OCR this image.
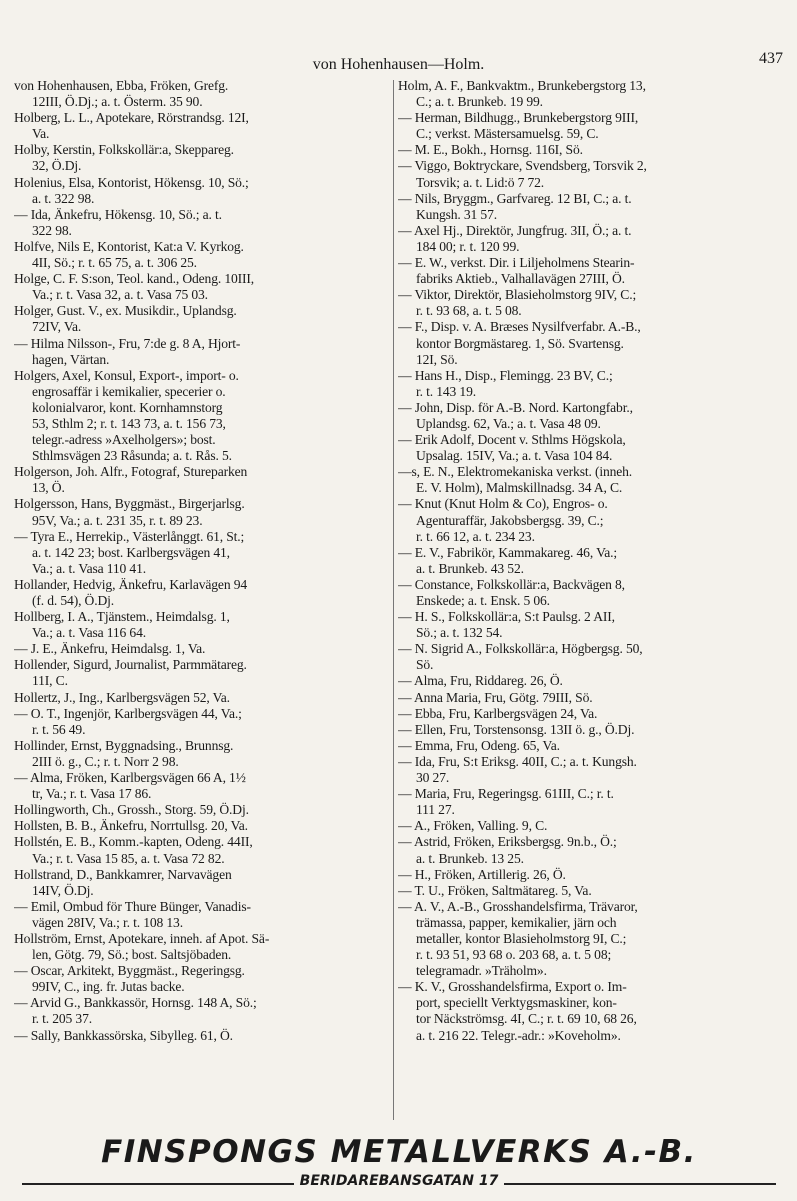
von Hohenhausen—Holm.	437

von Hohenhausen, Ebba, Fröken, Grefg.

12III, Ö.Dj.; a. t. Österm. 35 90.

Holberg, L. L., Apotekare, Rörstrandsg. 12I,

Va.

Holby, Kerstin, Folkskollär:a, Skeppareg.

32, Ö.Dj.

Holenius, Elsa, Kontorist, Hökensg. 10, Sö.;

a. t. 322 98.

— Ida, Änkefru, Hökensg. 10, Sö.; a. t.

322 98.

Holfve, Nils E, Kontorist, Kat:a V. Kyrkog.

4II, Sö.; r. t. 65 75, a. t. 306 25.

Holge, C. F. S:son, Teol. kand., Odeng. 10III,

Va.; r. t. Vasa 32, a. t. Vasa 75 03.

Holger, Gust. V., ex. Musikdir., Uplandsg.

72IV, Va.

— Hilma Nilsson-, Fru, 7:de g. 8 A, Hjort-

hagen, Värtan.

Holgers, Axel, Konsul, Export-, import- o.

engrosaffär i kemikalier, specerier o.

kolonialvaror, kont. Kornhamnstorg

53, Sthlm 2; r. t. 143 73, a. t. 156 73,

telegr.-adress »Axelholgers»; bost.

Sthlmsvägen 23 Råsunda; a. t. Rås. 5.

Holgerson, Joh. Alfr., Fotograf, Stureparken

13, Ö.

Holgersson, Hans, Byggmäst., Birgerjarlsg.

95V, Va.; a. t. 231 35, r. t. 89 23.

— Tyra E., Herrekip., Västerlånggt. 61, St.;

a. t. 142 23; bost. Karlbergsvägen 41,

Va.; a. t. Vasa 110 41.

Hollander, Hedvig, Änkefru, Karlavägen 94

(f. d. 54), Ö.Dj.

Hollberg, I. A., Tjänstem., Heimdalsg. 1,

Va.; a. t. Vasa 116 64.

— J. E., Änkefru, Heimdalsg. 1, Va.

Hollender, Sigurd, Journalist, Parmmätareg.

11I, C.

Hollertz, J., Ing., Karlbergsvägen 52, Va.

— O. T., Ingenjör, Karlbergsvägen 44, Va.;

r. t. 56 49.

Hollinder, Ernst, Byggnadsing., Brunnsg.

2III ö. g., C.; r. t. Norr 2 98.

— Alma, Fröken, Karlbergsvägen 66 A, 1½

tr, Va.; r. t. Vasa 17 86.

Hollingworth, Ch., Grossh., Storg. 59, Ö.Dj.

Hollsten, B. B., Änkefru, Norrtullsg. 20, Va.

Hollstén, E. B., Komm.-kapten, Odeng. 44II,

Va.; r. t. Vasa 15 85, a. t. Vasa 72 82.

Hollstrand, D., Bankkamrer, Narvavägen

14IV, Ö.Dj.

— Emil, Ombud för Thure Bünger, Vanadis-

vägen 28IV, Va.; r. t. 108 13.

Hollström, Ernst, Apotekare, inneh. af Apot. Sä-

len, Götg. 79, Sö.; bost. Saltsjöbaden.

— Oscar, Arkitekt, Byggmäst., Regeringsg.

99IV, C., ing. fr. Jutas backe.

— Arvid G., Bankkassör, Hornsg. 148 A, Sö.;

r. t. 205 37.

— Sally, Bankkassörska, Sibylleg. 61, Ö.

Holm, A. F., Bankvaktm., Brunkebergstorg 13,

C.; a. t. Brunkeb. 19 99.

— Herman, Bildhugg., Brunkebergstorg 9III,

C.; verkst. Mästersamuelsg. 59, C.

— M. E., Bokh., Hornsg. 116I, Sö.

— Viggo, Boktryckare, Svendsberg, Torsvik 2,

Torsvik; a. t. Lid:ö 7 72.

— Nils, Bryggm., Garfvareg. 12 BI, C.; a. t.

Kungsh. 31 57.

— Axel Hj., Direktör, Jungfrug. 3II, Ö.; a. t.

184 00; r. t. 120 99.

— E. W., verkst. Dir. i Liljeholmens Stearin-

fabriks Aktieb., Valhallavägen 27III, Ö.

— Viktor, Direktör, Blasieholmstorg 9IV, C.;

r. t. 93 68, a. t. 5 08.

— F., Disp. v. A. Bræses Nysilfverfabr. A.-B.,

kontor Borgmästareg. 1, Sö. Svartensg.

12I, Sö.

— Hans H., Disp., Flemingg. 23 BV, C.;

r. t. 143 19.

— John, Disp. för A.-B. Nord. Kartongfabr.,

Uplandsg. 62, Va.; a. t. Vasa 48 09.

— Erik Adolf, Docent v. Sthlms Högskola,

Upsalag. 15IV, Va.; a. t. Vasa 104 84.

—s, E. N., Elektromekaniska verkst. (inneh.

E. V. Holm), Malmskillnadsg. 34 A, C.

— Knut (Knut Holm & Co), Engros- o.

Agenturaffär, Jakobsbergsg. 39, C.;

r. t. 66 12, a. t. 234 23.

— E. V., Fabrikör, Kammakareg. 46, Va.;

a. t. Brunkeb. 43 52.

— Constance, Folkskollär:a, Backvägen 8,

Enskede; a. t. Ensk. 5 06.

— H. S., Folkskollär:a, S:t Paulsg. 2 AII,

Sö.; a. t. 132 54.

— N. Sigrid A., Folkskollär:a, Högbergsg. 50,

Sö.

— Alma, Fru, Riddareg. 26, Ö.

— Anna Maria, Fru, Götg. 79III, Sö.

— Ebba, Fru, Karlbergsvägen 24, Va.

— Ellen, Fru, Torstensonsg. 13II ö. g., Ö.Dj.

— Emma, Fru, Odeng. 65, Va.

— Ida, Fru, S:t Eriksg. 40II, C.; a. t. Kungsh.

30 27.

— Maria, Fru, Regeringsg. 61III, C.; r. t.

111 27.

— A., Fröken, Valling. 9, C.

— Astrid, Fröken, Eriksbergsg. 9n.b., Ö.;

a. t. Brunkeb. 13 25.

— H., Fröken, Artillerig. 26, Ö.

— T. U., Fröken, Saltmätareg. 5, Va.

— A. V., A.-B., Grosshandelsfirma, Trävaror,

trämassa, papper, kemikalier, järn och

metaller, kontor Blasieholmstorg 9I, C.;

r. t. 93 51, 93 68 o. 203 68, a. t. 5 08;

telegramadr. »Träholm».

— K. V., Grosshandelsfirma, Export o. Im-

port, speciellt Verktygsmaskiner, kon-

tor Näckströmsg. 4I, C.; r. t. 69 10, 68 26,

a. t. 216 22. Telegr.-adr.: »Koveholm».

FINSPONGS METALLVERKS A.-B.
BERIDAREBANSGATAN 17
